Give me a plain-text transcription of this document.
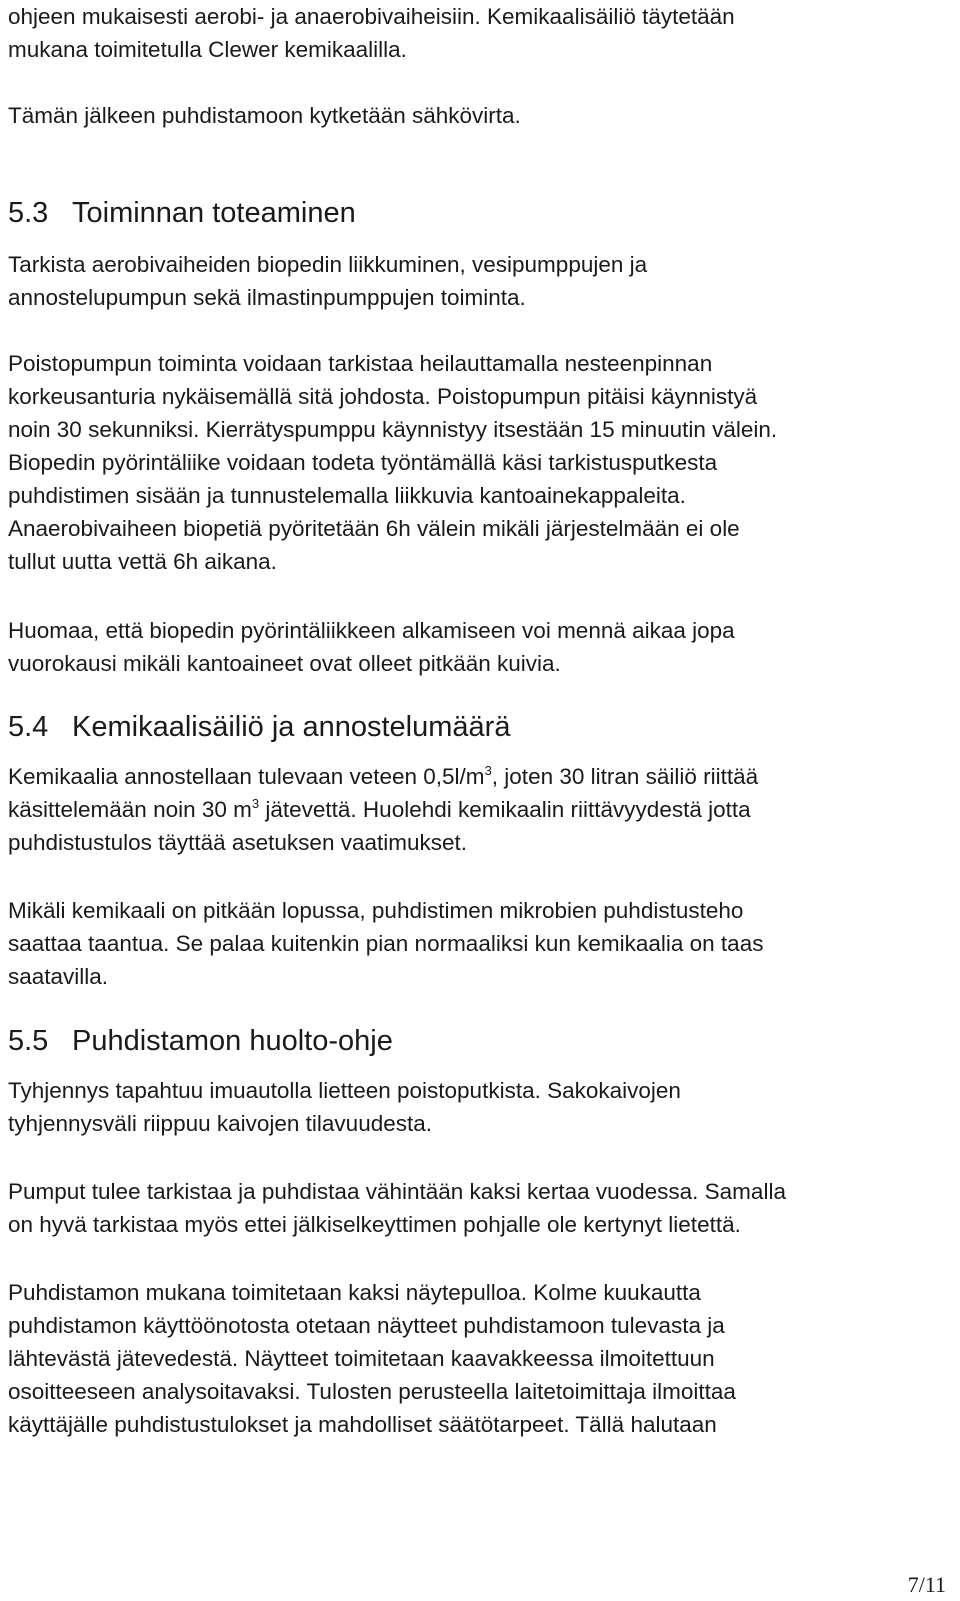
ohjeen mukaisesti aerobi- ja anaerobivaiheisiin. Kemikaalisäiliö täytetään

mukana toimitetulla Clewer kemikaalilla.

Tämän jälkeen puhdistamoon kytketään sähkövirta.

5.3 Toiminnan toteaminen

Tarkista aerobivaiheiden biopedin liikkuminen, vesipumppujen ja

annostelupumpun sekä ilmastinpumppujen toiminta.

Poistopumpun toiminta voidaan tarkistaa heilauttamalla nesteenpinnan

korkeusanturia nykäisemällä sitä johdosta. Poistopumpun pitäisi käynnistyä

noin 30 sekunniksi. Kierrätyspumppu käynnistyy itsestään 15 minuutin välein.

Biopedin pyörintäliike voidaan todeta työntämällä käsi tarkistusputkesta

puhdistimen sisään ja tunnustelemalla liikkuvia kantoainekappaleita.

Anaerobivaiheen biopetiä pyöritetään 6h välein mikäli järjestelmään ei ole

tullut uutta vettä 6h aikana.

Huomaa, että biopedin pyörintäliikkeen alkamiseen voi mennä aikaa jopa

vuorokausi mikäli kantoaineet ovat olleet pitkään kuivia.

5.4 Kemikaalisäiliö ja annostelumäärä

Kemikaalia annostellaan tulevaan veteen $0,5l/m^3$, joten 30 litran säiliö riittää

käsittelemään noin 30 $m^3$ jätevettä. Huolehdi kemikaalin riittävyydestä jotta

puhdistustulos täyttää asetuksen vaatimukset.

Mikäli kemikaali on pitkään lopussa, puhdistimen mikrobien puhdistusteho

saattaa taantua. Se palaa kuitenkin pian normaaliksi kun kemikaalia on taas

saatavilla.

5.5 Puhdistamon huolto-ohje

Tyhjennys tapahtuu imuautolla lietteen poistoputkista. Sakokaivojen

tyhjennysväli riippuu kaivojen tilavuudesta.

Pumput tulee tarkistaa ja puhdistaa vähintään kaksi kertaa vuodessa. Samalla

on hyvä tarkistaa myös ettei jälkiselkeyttimen pohjalle ole kertynyt lietettä.

Puhdistamon mukana toimitetaan kaksi näytepulloa. Kolme kuukautta

puhdistamon käyttöönotosta otetaan näytteet puhdistamoon tulevasta ja

lähtevästä jätevedestä. Näytteet toimitetaan kaavakkeessa ilmoitettuun

osoitteeseen analysoitavaksi. Tulosten perusteella laitetoimittaja ilmoittaa

käyttäjälle puhdistustulokset ja mahdolliset säätötarpeet. Tällä halutaan

7/11
